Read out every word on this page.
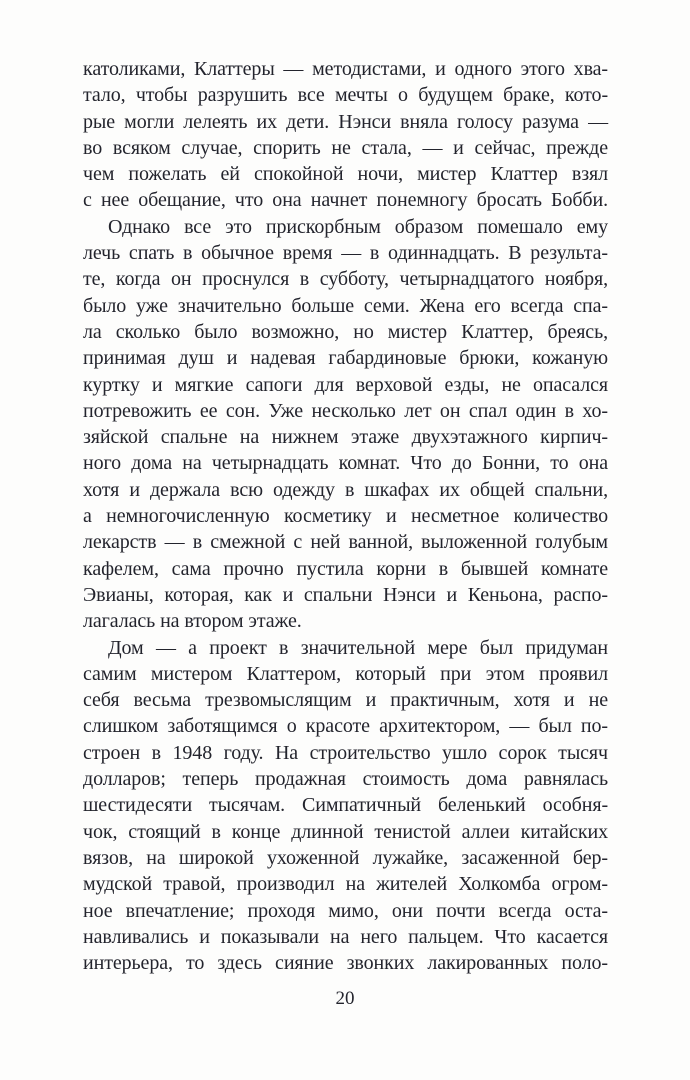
католиками, Клаттеры — методистами, и одного этого хва-
тало, чтобы разрушить все мечты о будущем браке, кото-
рые могли лелеять их дети. Нэнси вняла голосу разума —
во всяком случае, спорить не стала, — и сейчас, прежде
чем пожелать ей спокойной ночи, мистер Клаттер взял
с нее обещание, что она начнет понемногу бросать Бобби.
Однако все это прискорбным образом помешало ему
лечь спать в обычное время — в одиннадцать. В результа-
те, когда он проснулся в субботу, четырнадцатого ноября,
было уже значительно больше семи. Жена его всегда спа-
ла сколько было возможно, но мистер Клаттер, бреясь,
принимая душ и надевая габардиновые брюки, кожаную
куртку и мягкие сапоги для верховой езды, не опасался
потревожить ее сон. Уже несколько лет он спал один в хо-
зяйской спальне на нижнем этаже двухэтажного кирпич-
ного дома на четырнадцать комнат. Что до Бонни, то она
хотя и держала всю одежду в шкафах их общей спальни,
а немногочисленную косметику и несметное количество
лекарств — в смежной с ней ванной, выложенной голубым
кафелем, сама прочно пустила корни в бывшей комнате
Эвианы, которая, как и спальни Нэнси и Кеньона, распо-
лагалась на втором этаже.
Дом — а проект в значительной мере был придуман
самим мистером Клаттером, который при этом проявил
себя весьма трезвомыслящим и практичным, хотя и не
слишком заботящимся о красоте архитектором, — был по-
строен в 1948 году. На строительство ушло сорок тысяч
долларов; теперь продажная стоимость дома равнялась
шестидесяти тысячам. Симпатичный беленький особня-
чок, стоящий в конце длинной тенистой аллеи китайских
вязов, на широкой ухоженной лужайке, засаженной бер-
мудской травой, производил на жителей Холкомба огром-
ное впечатление; проходя мимо, они почти всегда оста-
навливались и показывали на него пальцем. Что касается
интерьера, то здесь сияние звонких лакированных поло-
20
